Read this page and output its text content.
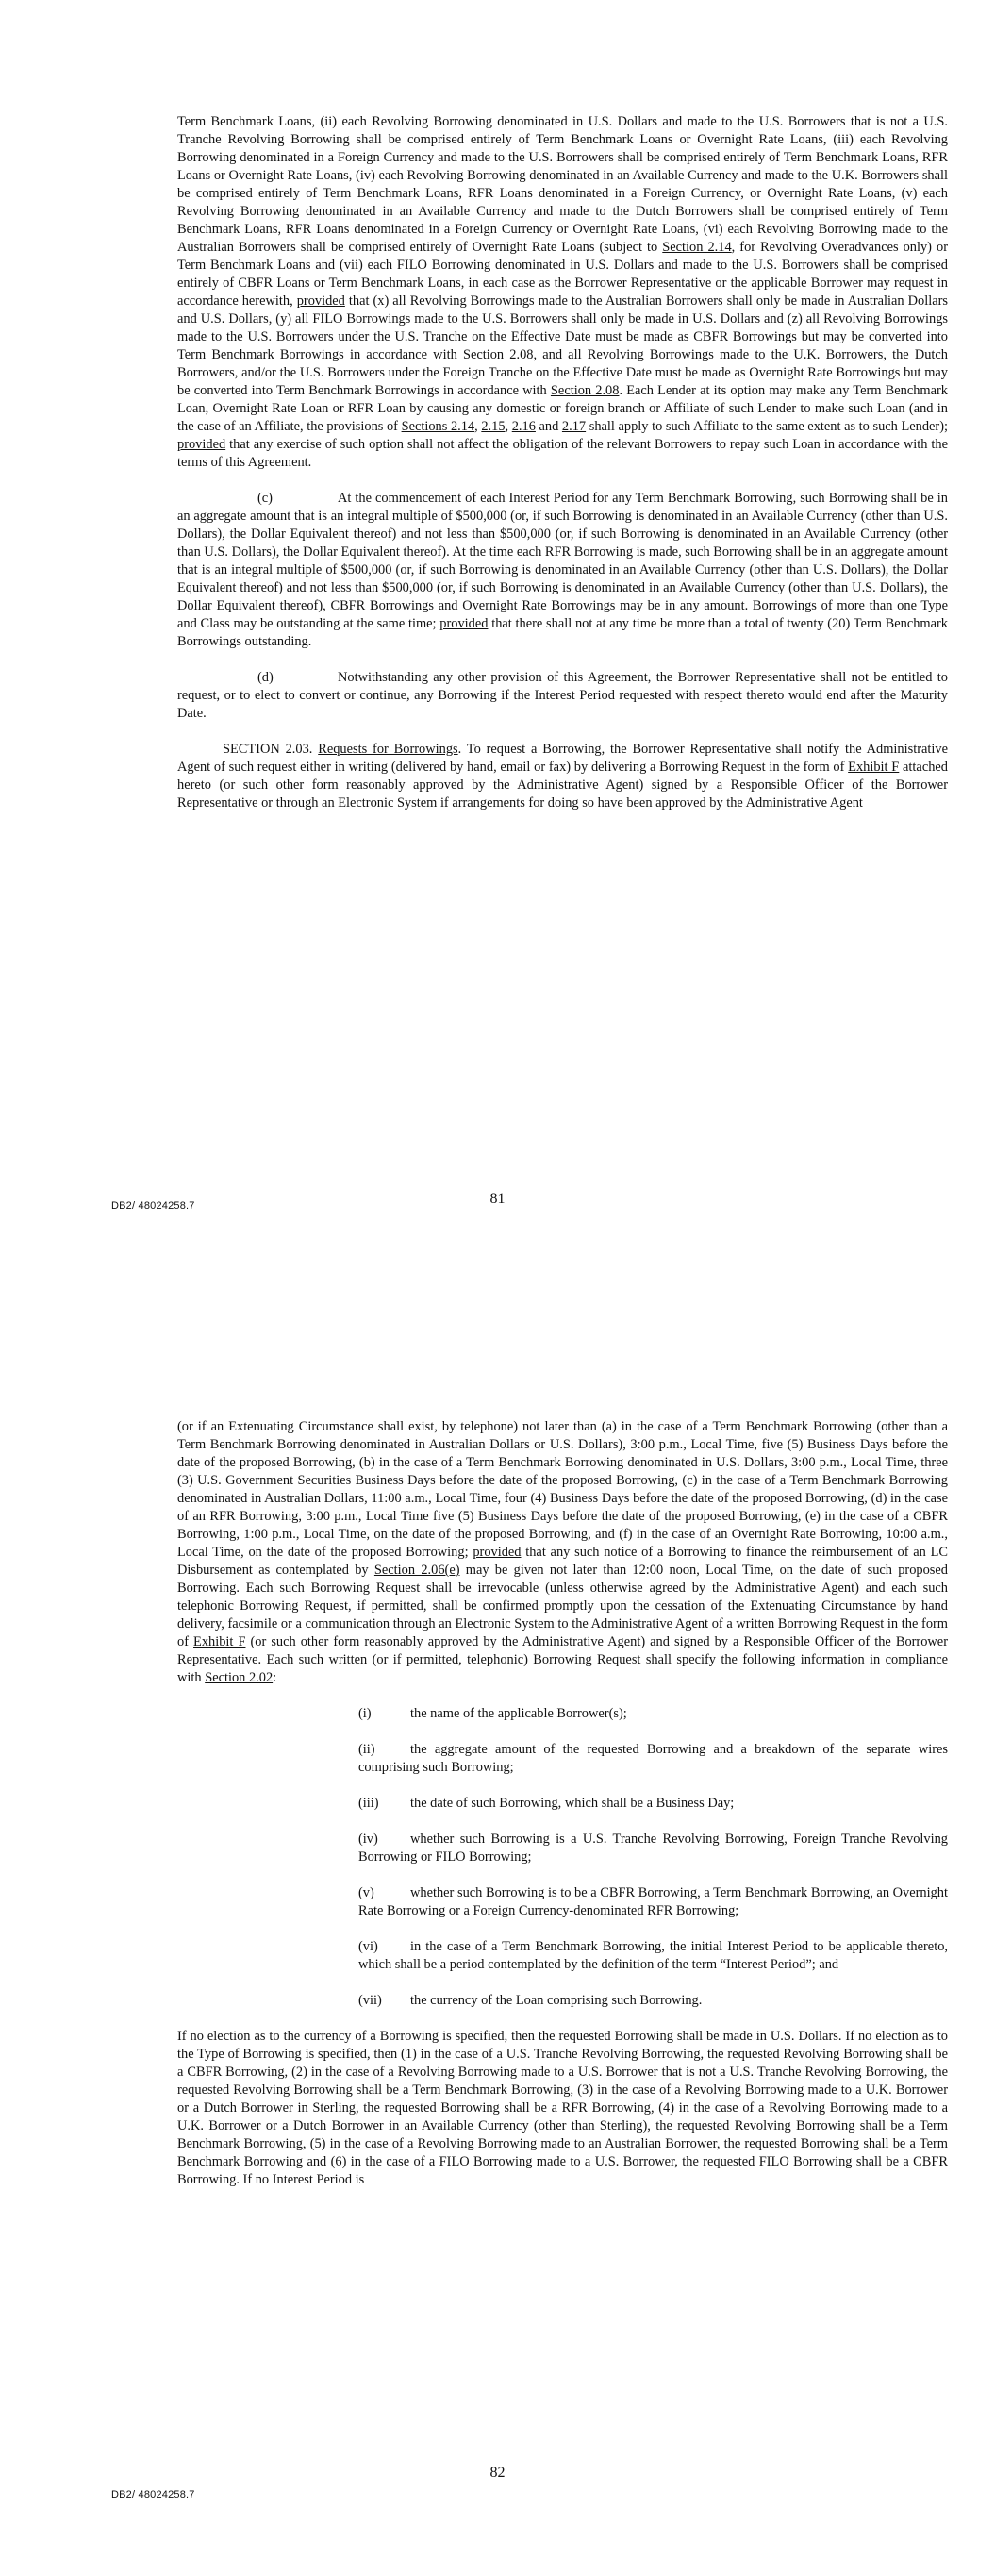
Term Benchmark Loans, (ii) each Revolving Borrowing denominated in U.S. Dollars and made to the U.S. Borrowers that is not a U.S. Tranche Revolving Borrowing shall be comprised entirely of Term Benchmark Loans or Overnight Rate Loans, (iii) each Revolving Borrowing denominated in a Foreign Currency and made to the U.S. Borrowers shall be comprised entirely of Term Benchmark Loans, RFR Loans or Overnight Rate Loans, (iv) each Revolving Borrowing denominated in an Available Currency and made to the U.K. Borrowers shall be comprised entirely of Term Benchmark Loans, RFR Loans denominated in a Foreign Currency, or Overnight Rate Loans, (v) each Revolving Borrowing denominated in an Available Currency and made to the Dutch Borrowers shall be comprised entirely of Term Benchmark Loans, RFR Loans denominated in a Foreign Currency or Overnight Rate Loans, (vi) each Revolving Borrowing made to the Australian Borrowers shall be comprised entirely of Overnight Rate Loans (subject to Section 2.14, for Revolving Overadvances only) or Term Benchmark Loans and (vii) each FILO Borrowing denominated in U.S. Dollars and made to the U.S. Borrowers shall be comprised entirely of CBFR Loans or Term Benchmark Loans, in each case as the Borrower Representative or the applicable Borrower may request in accordance herewith, provided that (x) all Revolving Borrowings made to the Australian Borrowers shall only be made in Australian Dollars and U.S. Dollars, (y) all FILO Borrowings made to the U.S. Borrowers shall only be made in U.S. Dollars and (z) all Revolving Borrowings made to the U.S. Borrowers under the U.S. Tranche on the Effective Date must be made as CBFR Borrowings but may be converted into Term Benchmark Borrowings in accordance with Section 2.08, and all Revolving Borrowings made to the U.K. Borrowers, the Dutch Borrowers, and/or the U.S. Borrowers under the Foreign Tranche on the Effective Date must be made as Overnight Rate Borrowings but may be converted into Term Benchmark Borrowings in accordance with Section 2.08. Each Lender at its option may make any Term Benchmark Loan, Overnight Rate Loan or RFR Loan by causing any domestic or foreign branch or Affiliate of such Lender to make such Loan (and in the case of an Affiliate, the provisions of Sections 2.14, 2.15, 2.16 and 2.17 shall apply to such Affiliate to the same extent as to such Lender); provided that any exercise of such option shall not affect the obligation of the relevant Borrowers to repay such Loan in accordance with the terms of this Agreement.

(c)	At the commencement of each Interest Period for any Term Benchmark Borrowing, such Borrowing shall be in an aggregate amount that is an integral multiple of $500,000 (or, if such Borrowing is denominated in an Available Currency (other than U.S. Dollars), the Dollar Equivalent thereof) and not less than $500,000 (or, if such Borrowing is denominated in an Available Currency (other than U.S. Dollars), the Dollar Equivalent thereof). At the time each RFR Borrowing is made, such Borrowing shall be in an aggregate amount that is an integral multiple of $500,000 (or, if such Borrowing is denominated in an Available Currency (other than U.S. Dollars), the Dollar Equivalent thereof) and not less than $500,000 (or, if such Borrowing is denominated in an Available Currency (other than U.S. Dollars), the Dollar Equivalent thereof), CBFR Borrowings and Overnight Rate Borrowings may be in any amount. Borrowings of more than one Type and Class may be outstanding at the same time; provided that there shall not at any time be more than a total of twenty (20) Term Benchmark Borrowings outstanding.

(d)	Notwithstanding any other provision of this Agreement, the Borrower Representative shall not be entitled to request, or to elect to convert or continue, any Borrowing if the Interest Period requested with respect thereto would end after the Maturity Date.

SECTION 2.03. Requests for Borrowings. To request a Borrowing, the Borrower Representative shall notify the Administrative Agent of such request either in writing (delivered by hand, email or fax) by delivering a Borrowing Request in the form of Exhibit F attached hereto (or such other form reasonably approved by the Administrative Agent) signed by a Responsible Officer of the Borrower Representative or through an Electronic System if arrangements for doing so have been approved by the Administrative Agent

81
DB2/ 48024258.7

(or if an Extenuating Circumstance shall exist, by telephone) not later than (a) in the case of a Term Benchmark Borrowing (other than a Term Benchmark Borrowing denominated in Australian Dollars or U.S. Dollars), 3:00 p.m., Local Time, five (5) Business Days before the date of the proposed Borrowing, (b) in the case of a Term Benchmark Borrowing denominated in U.S. Dollars, 3:00 p.m., Local Time, three (3) U.S. Government Securities Business Days before the date of the proposed Borrowing, (c) in the case of a Term Benchmark Borrowing denominated in Australian Dollars, 11:00 a.m., Local Time, four (4) Business Days before the date of the proposed Borrowing, (d) in the case of an RFR Borrowing, 3:00 p.m., Local Time five (5) Business Days before the date of the proposed Borrowing, (e) in the case of a CBFR Borrowing, 1:00 p.m., Local Time, on the date of the proposed Borrowing, and (f) in the case of an Overnight Rate Borrowing, 10:00 a.m., Local Time, on the date of the proposed Borrowing; provided that any such notice of a Borrowing to finance the reimbursement of an LC Disbursement as contemplated by Section 2.06(e) may be given not later than 12:00 noon, Local Time, on the date of such proposed Borrowing. Each such Borrowing Request shall be irrevocable (unless otherwise agreed by the Administrative Agent) and each such telephonic Borrowing Request, if permitted, shall be confirmed promptly upon the cessation of the Extenuating Circumstance by hand delivery, facsimile or a communication through an Electronic System to the Administrative Agent of a written Borrowing Request in the form of Exhibit F (or such other form reasonably approved by the Administrative Agent) and signed by a Responsible Officer of the Borrower Representative. Each such written (or if permitted, telephonic) Borrowing Request shall specify the following information in compliance with Section 2.02:

(i)	the name of the applicable Borrower(s);

(ii)	the aggregate amount of the requested Borrowing and a breakdown of the separate wires comprising such Borrowing;

(iii) the date of such Borrowing, which shall be a Business Day;

(iv) whether such Borrowing is a U.S. Tranche Revolving Borrowing, Foreign Tranche Revolving Borrowing or FILO Borrowing;

(v)	whether such Borrowing is to be a CBFR Borrowing, a Term Benchmark Borrowing, an Overnight Rate Borrowing or a Foreign Currency-denominated RFR Borrowing;

(vi) in the case of a Term Benchmark Borrowing, the initial Interest Period to be applicable thereto, which shall be a period contemplated by the definition of the term “Interest Period”; and

(vii) the currency of the Loan comprising such Borrowing.

If no election as to the currency of a Borrowing is specified, then the requested Borrowing shall be made in U.S. Dollars. If no election as to the Type of Borrowing is specified, then (1) in the case of a U.S. Tranche Revolving Borrowing, the requested Revolving Borrowing shall be a CBFR Borrowing, (2) in the case of a Revolving Borrowing made to a U.S. Borrower that is not a U.S. Tranche Revolving Borrowing, the requested Revolving Borrowing shall be a Term Benchmark Borrowing, (3) in the case of a Revolving Borrowing made to a U.K. Borrower or a Dutch Borrower in Sterling, the requested Borrowing shall be a RFR Borrowing, (4) in the case of a Revolving Borrowing made to a U.K. Borrower or a Dutch Borrower in an Available Currency (other than Sterling), the requested Revolving Borrowing shall be a Term Benchmark Borrowing, (5) in the case of a Revolving Borrowing made to an Australian Borrower, the requested Borrowing shall be a Term Benchmark Borrowing and (6) in the case of a FILO Borrowing made to a U.S. Borrower, the requested FILO Borrowing shall be a CBFR Borrowing. If no Interest Period is

82
DB2/ 48024258.7
